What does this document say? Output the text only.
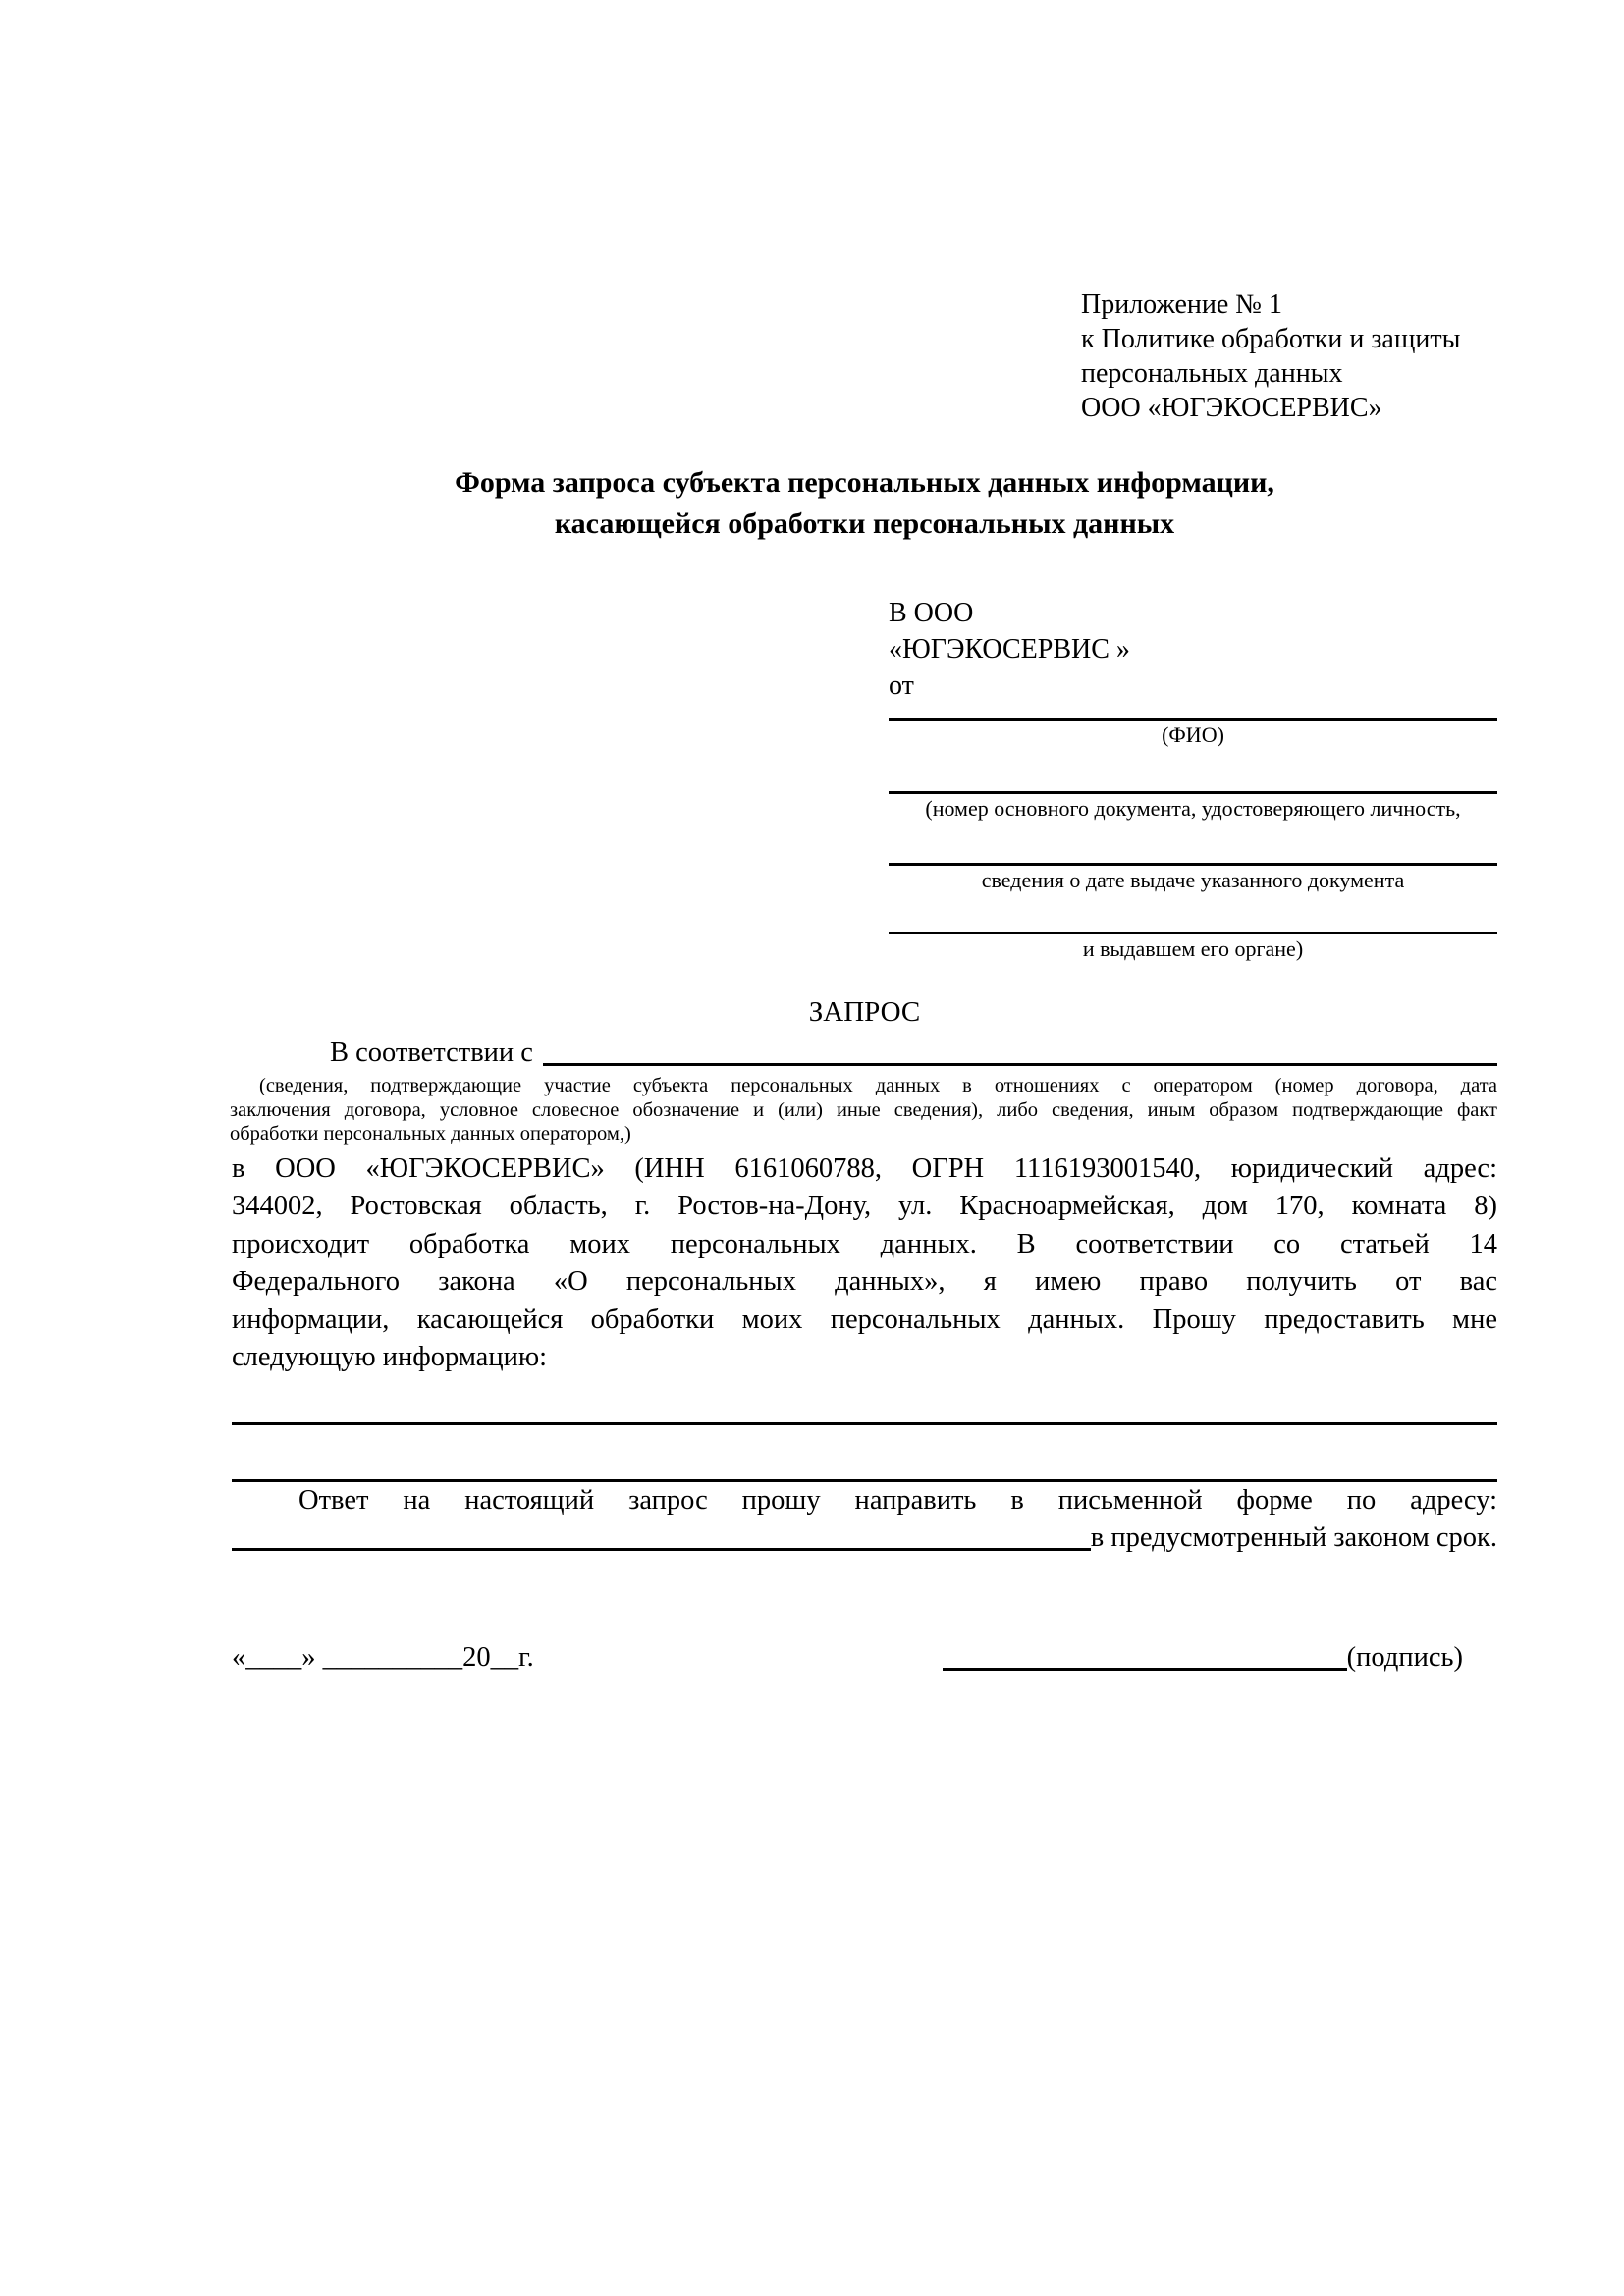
Приложение № 1
к Политике обработки и защиты
персональных данных
ООО «ЮГЭКОСЕРВИС»
Форма запроса субъекта персональных данных информации,
касающейся обработки персональных данных
В ООО
«ЮГЭКОСЕРВИС »
от
(ФИО)
(номер основного документа, удостоверяющего личность,
сведения о дате выдаче указанного документа
и выдавшем его органе)
ЗАПРОС
В соответствии с
(сведения, подтверждающие участие субъекта персональных данных в отношениях с оператором (номер договора, дата
заключения договора, условное словесное обозначение и (или) иные сведения), либо сведения, иным образом подтверждающие факт
обработки персональных данных оператором,)
в ООО «ЮГЭКОСЕРВИС» (ИНН 6161060788, ОГРН 1116193001540, юридический адрес:
344002, Ростовская область, г. Ростов-на-Дону, ул. Красноармейская, дом 170, комната 8)
происходит обработка моих персональных данных. В соответствии со статьей 14
Федерального закона «О персональных данных», я имею право получить от вас
информации, касающейся обработки моих персональных данных. Прошу предоставить мне
следующую информацию:
Ответ на настоящий запрос прошу направить в письменной форме по адресу:
в предусмотренный законом срок.
«____» __________20__г.	(подпись)
